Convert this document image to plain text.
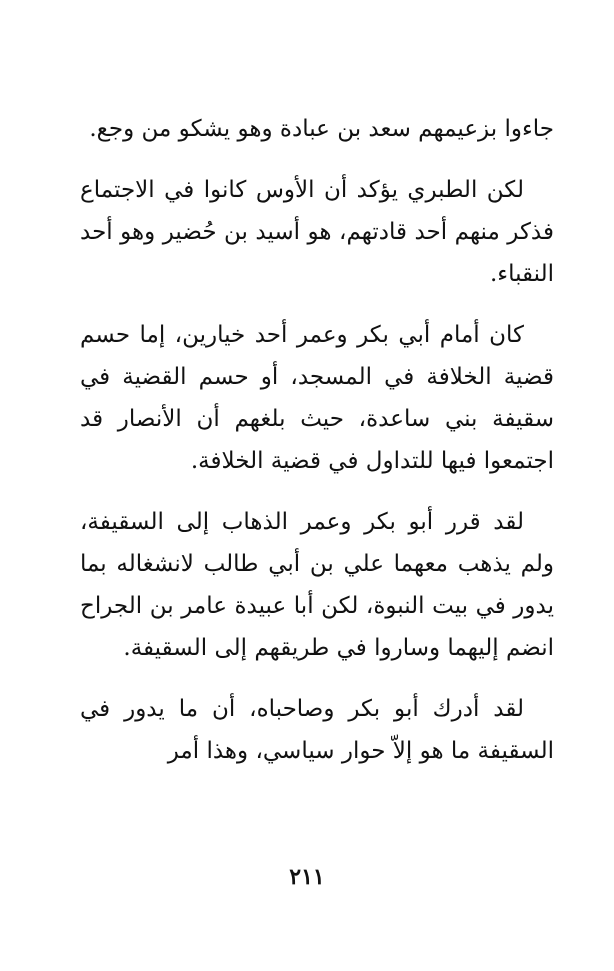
جاءوا بزعيمهم سعد بن عبادة وهو يشكو من وجع.

لكن الطبري يؤكد أن الأوس كانوا في الاجتماع فذكر منهم أحد قادتهم، هو أسيد بن حُضير وهو أحد النقباء.

كان أمام أبي بكر وعمر أحد خيارين، إما حسم قضية الخلافة في المسجد، أو حسم القضية في سقيفة بني ساعدة، حيث بلغهم أن الأنصار قد اجتمعوا فيها للتداول في قضية الخلافة.

لقد قرر أبو بكر وعمر الذهاب إلى السقيفة، ولم يذهب معهما علي بن أبي طالب لانشغاله بما يدور في بيت النبوة، لكن أبا عبيدة عامر بن الجراح انضم إليهما وساروا في طريقهم إلى السقيفة.

لقد أدرك أبو بكر وصاحباه، أن ما يدور في السقيفة ما هو إلاّ حوار سياسي، وهذا أمر

٢١١
